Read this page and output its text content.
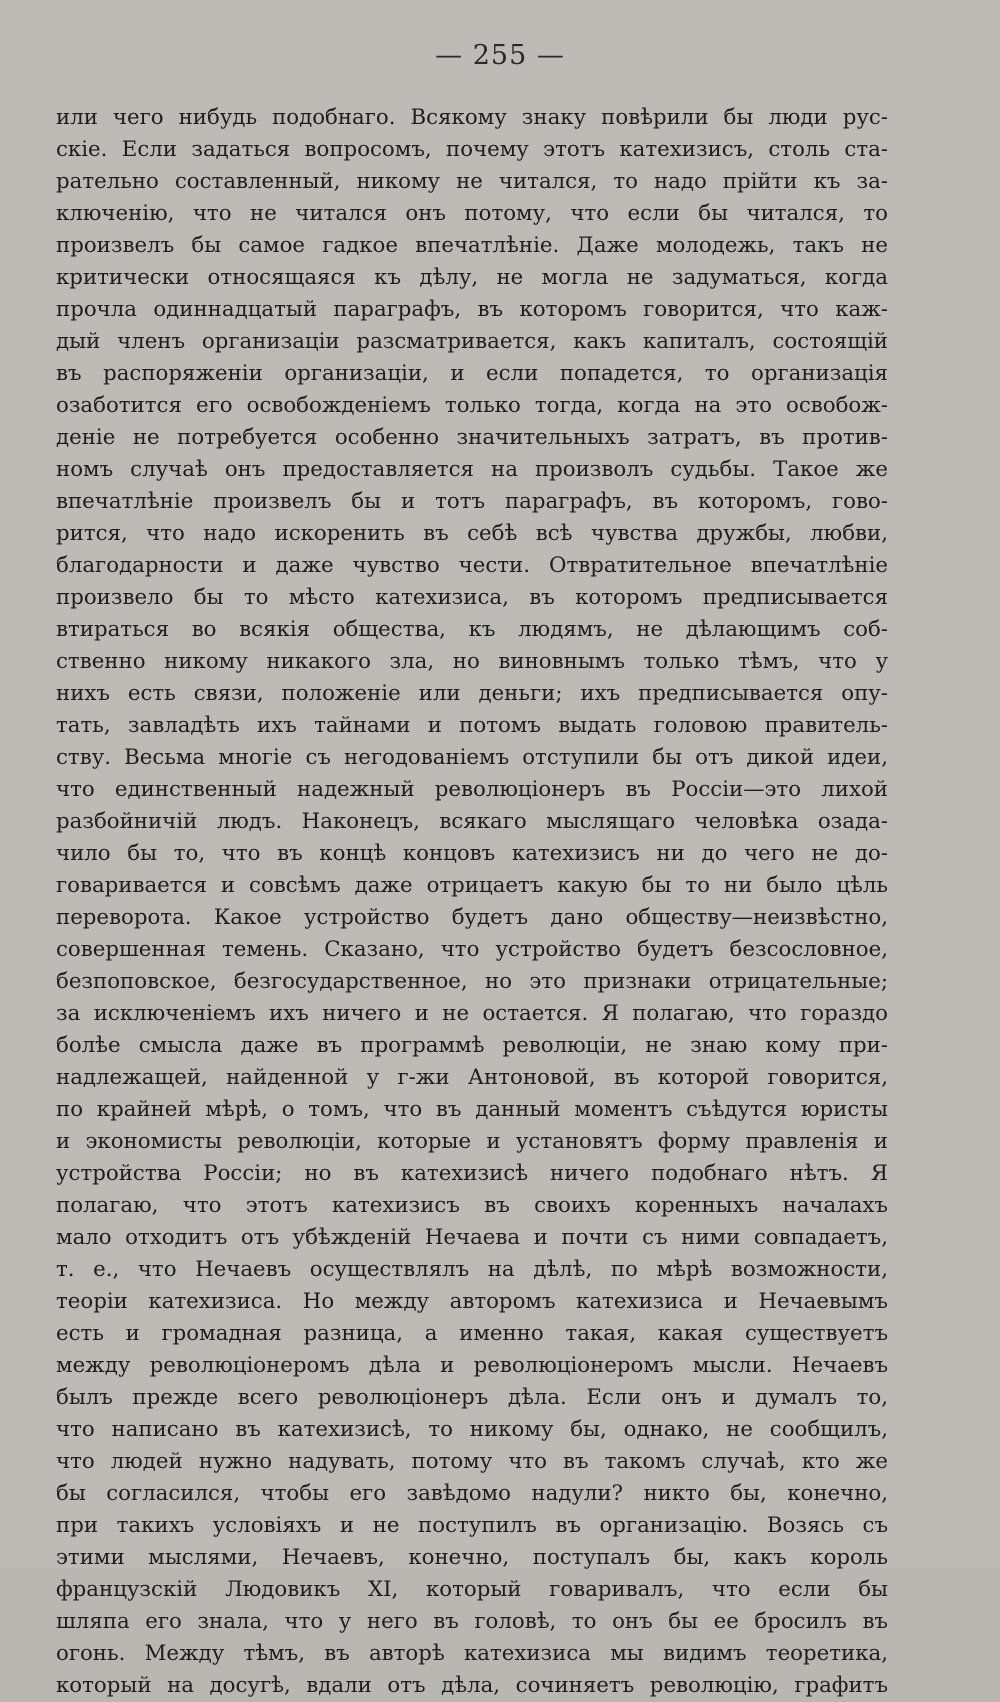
— 255 —
или чего нибудь подобнаго. Всякому знаку повѣрили бы люди рус-
скіе. Если задаться вопросомъ, почему этотъ катехизисъ, столь ста-
рательно составленный, никому не читался, то надо прійти къ за-
ключенію, что не читался онъ потому, что если бы читался, то
произвелъ бы самое гадкое впечатлѣніе. Даже молодежь, такъ не
критически относящаяся къ дѣлу, не могла не задуматься, когда
прочла одиннадцатый параграфъ, въ которомъ говорится, что каж-
дый членъ организаціи разсматривается, какъ капиталъ, состоящій
въ распоряженіи организаціи, и если попадется, то организація
озаботится его освобожденіемъ только тогда, когда на это освобож-
деніе не потребуется особенно значительныхъ затратъ, въ против-
номъ случаѣ онъ предоставляется на произволъ судьбы. Такое же
впечатлѣніе произвелъ бы и тотъ параграфъ, въ которомъ, гово-
рится, что надо искоренить въ себѣ всѣ чувства дружбы, любви,
благодарности и даже чувство чести. Отвратительное впечатлѣніе
произвело бы то мѣсто катехизиса, въ которомъ предписывается
втираться во всякія общества, къ людямъ, не дѣлающимъ соб-
ственно никому никакого зла, но виновнымъ только тѣмъ, что у
нихъ есть связи, положеніе или деньги; ихъ предписывается опу-
тать, завладѣть ихъ тайнами и потомъ выдать головою правитель-
ству. Весьма многіе съ негодованіемъ отступили бы отъ дикой идеи,
что единственный надежный революціонеръ въ Россіи—это лихой
разбойничій людъ. Наконецъ, всякаго мыслящаго человѣка озада-
чило бы то, что въ концѣ концовъ катехизисъ ни до чего не до-
говаривается и совсѣмъ даже отрицаетъ какую бы то ни было цѣль
переворота. Какое устройство будетъ дано обществу—неизвѣстно,
совершенная темень. Сказано, что устройство будетъ безсословное,
безпоповское, безгосударственное, но это признаки отрицательные;
за исключеніемъ ихъ ничего и не остается. Я полагаю, что гораздо
болѣе смысла даже въ программѣ революціи, не знаю кому при-
надлежащей, найденной у г-жи Антоновой, въ которой говорится,
по крайней мѣрѣ, о томъ, что въ данный моментъ съѣдутся юристы
и экономисты революціи, которые и установятъ форму правленія и
устройства Россіи; но въ катехизисѣ ничего подобнаго нѣтъ. Я
полагаю, что этотъ катехизисъ въ своихъ коренныхъ началахъ
мало отходитъ отъ убѣжденій Нечаева и почти съ ними совпадаетъ,
т. е., что Нечаевъ осуществлялъ на дѣлѣ, по мѣрѣ возможности,
теоріи катехизиса. Но между авторомъ катехизиса и Нечаевымъ
есть и громадная разница, а именно такая, какая существуетъ
между революціонеромъ дѣла и революціонеромъ мысли. Нечаевъ
былъ прежде всего революціонеръ дѣла. Если онъ и думалъ то,
что написано въ катехизисѣ, то никому бы, однако, не сообщилъ,
что людей нужно надувать, потому что въ такомъ случаѣ, кто же
бы согласился, чтобы его завѣдомо надули? никто бы, конечно,
при такихъ условіяхъ и не поступилъ въ организацію. Возясь съ
этими мыслями, Нечаевъ, конечно, поступалъ бы, какъ король
французскій Людовикъ XI, который говаривалъ, что если бы
шляпа его знала, что у него въ головѣ, то онъ бы ее бросилъ въ
огонь. Между тѣмъ, въ авторѣ катехизиса мы видимъ теоретика,
который на досугѣ, вдали отъ дѣла, сочиняетъ революцію, графитъ
